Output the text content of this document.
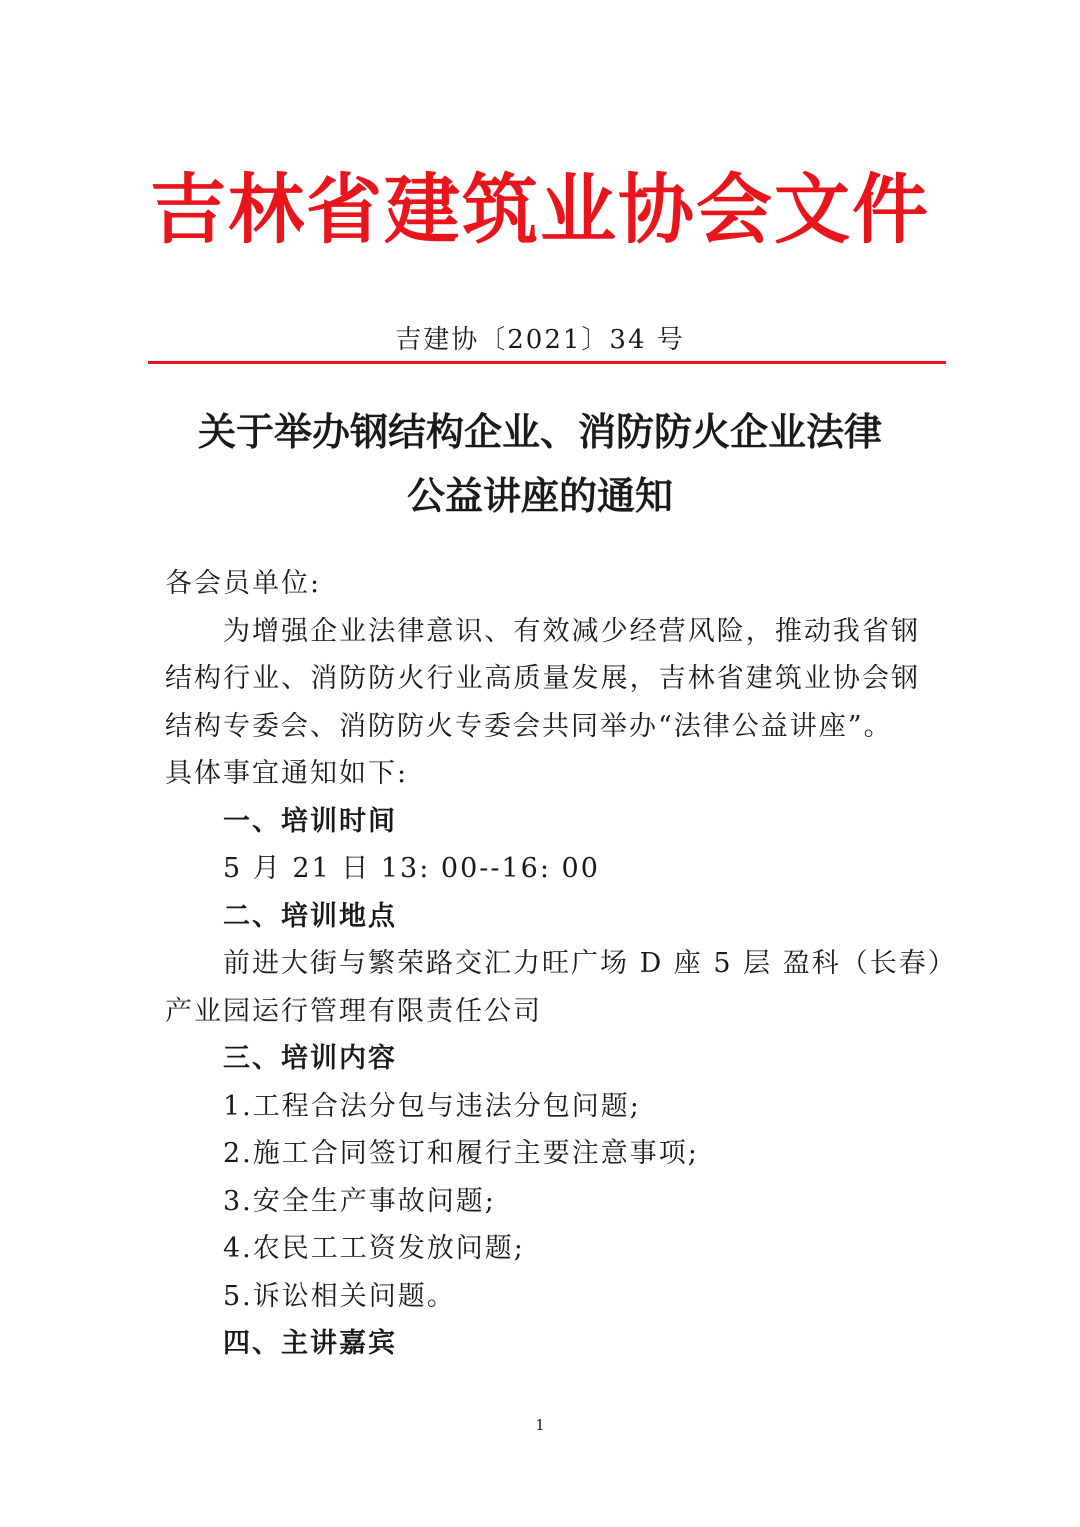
吉林省建筑业协会文件
吉建协〔2021〕34 号
关于举办钢结构企业、消防防火企业法律
公益讲座的通知

各会员单位:

为增强企业法律意识、有效减少经营风险，推动我省钢

结构行业、消防防火行业高质量发展，吉林省建筑业协会钢

结构专委会、消防防火专委会共同举办“法律公益讲座”。

具体事宜通知如下:

一、培训时间

5 月 21 日 13: 00--16: 00

二、培训地点

前进大街与繁荣路交汇力旺广场 D 座 5 层 盈科（长春）

产业园运行管理有限责任公司

三、培训内容

1.工程合法分包与违法分包问题;

2.施工合同签订和履行主要注意事项;

3.安全生产事故问题;

4.农民工工资发放问题;

5.诉讼相关问题。

四、主讲嘉宾

1
